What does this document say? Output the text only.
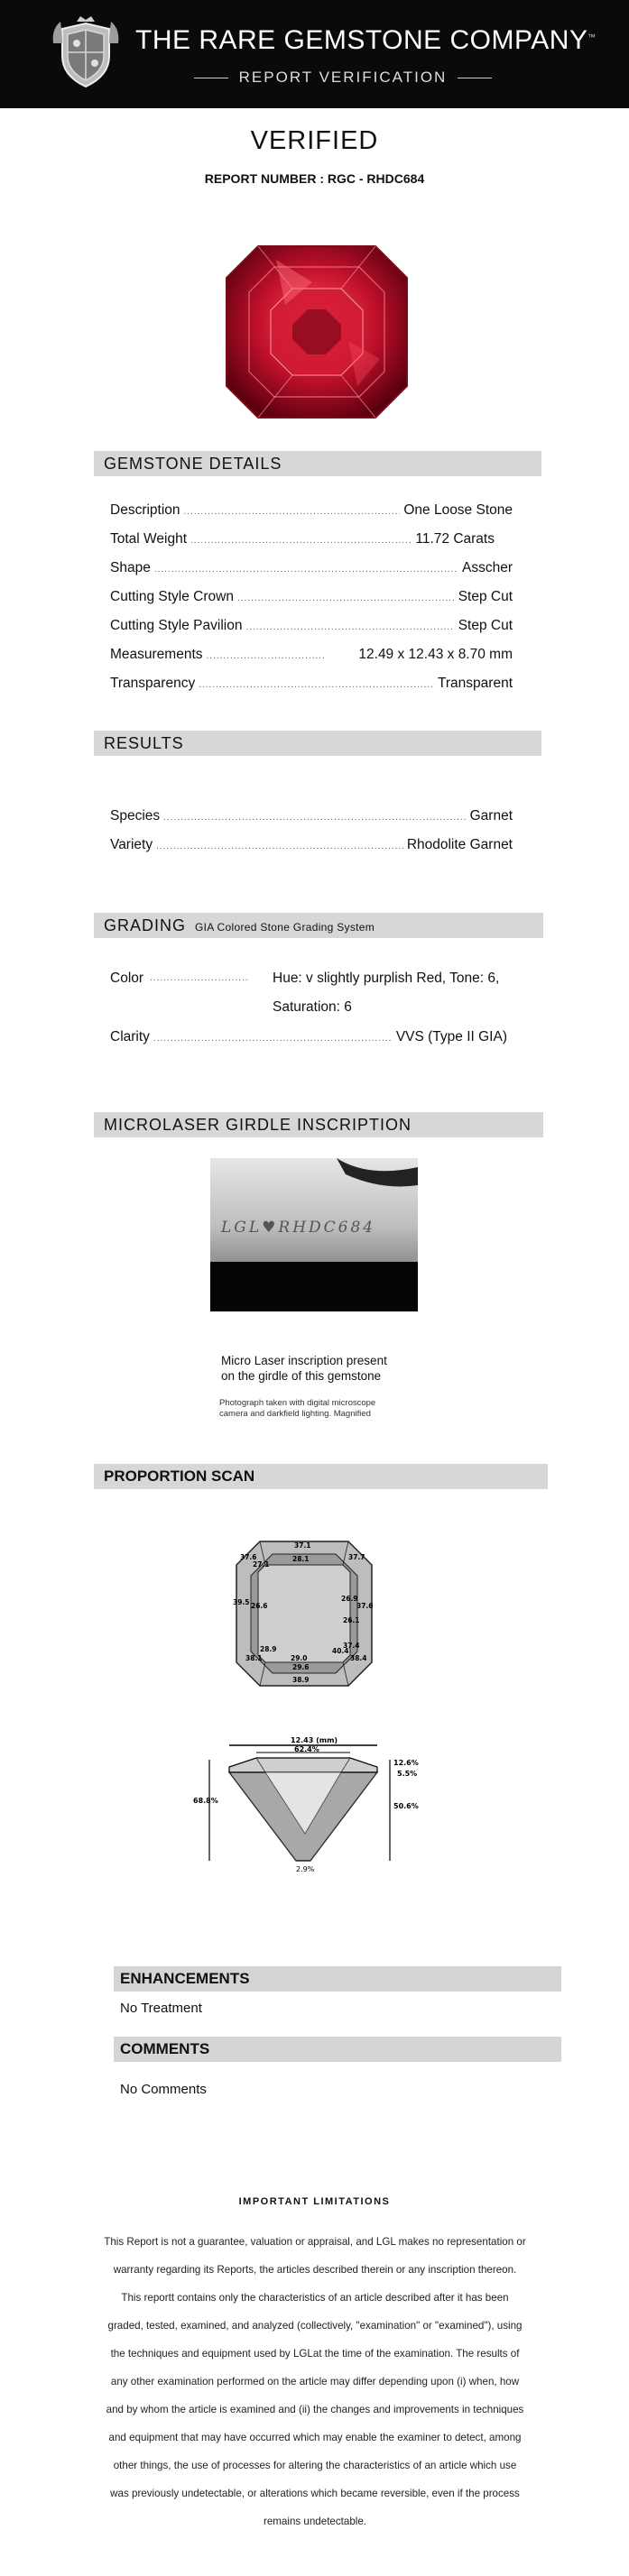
THE RARE GEMSTONE COMPANY ™
REPORT VERIFICATION
VERIFIED
REPORT NUMBER : RGC - RHDC684
GEMSTONE DETAILS
Description .....	One Loose Stone
Total Weight .....	11.72 Carats
Shape .....	Asscher
Cutting Style Crown .....	Step Cut
Cutting Style Pavilion .....	Step Cut
Measurements .....	12.49 x 12.43 x 8.70 mm
Transparency .....	Transparent
RESULTS
Species .....	Garnet
Variety .....	Rhodolite Garnet
GRADING GIA Colored Stone Grading System
Color .....	Hue: v slightly purplish Red, Tone: 6, Saturation: 6
Clarity .....	VVS (Type II GIA)
MICROLASER GIRDLE INSCRIPTION
LGL♥RHDC684
Micro Laser inscription present
on the girdle of this gemstone
Photograph taken with digital microscope
camera and darkfield lighting. Magnified
PROPORTION SCAN
37.1
28.1	37.7
37.6
27.1
26.9
37.6
26.6
26.1
39.5
37.4
28.9
38.1	29.0
40.4
38.4
29.6
38.9
12.43 (mm)
62.4%
12.6%
5.5%
50.6%
68.8%
2.9%
ENHANCEMENTS
No Treatment
COMMENTS
No Comments
IMPORTANT LIMITATIONS
This Report is not a guarantee, valuation or appraisal, and LGL makes no representation or warranty regarding its Reports, the articles described therein or any inscription thereon. This reportt contains only the characteristics of an article described after it has been graded, tested, examined, and analyzed (collectively, "examination" or "examined"), using the techniques and equipment used by LGLat the time of the examination. The results of any other examination performed on the article may differ depending upon (i) when, how and by whom the article is examined and (ii) the changes and improvements in techniques and equipment that may have occurred which may enable the examiner to detect, among other things, the use of processes for altering the characteristics of an article which use was previously undetectable, or alterations which became reversible, even if the process remains undetectable.
